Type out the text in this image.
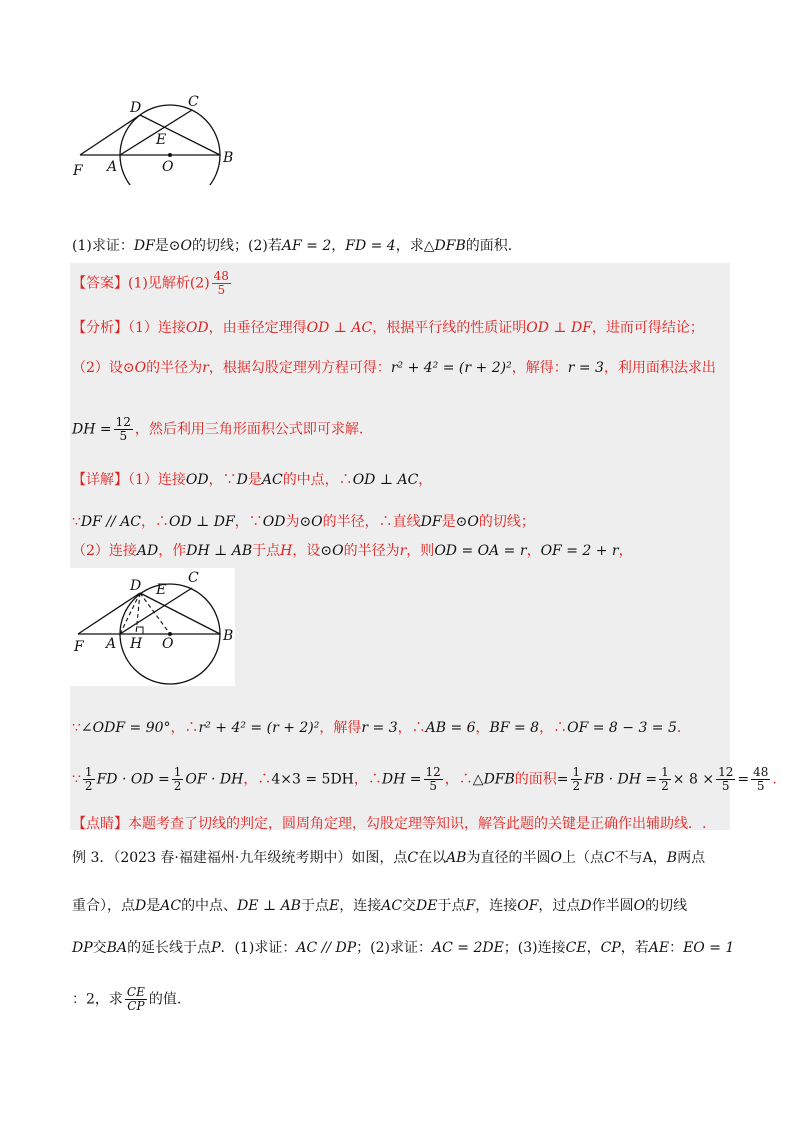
D	C
E
F A	O
B
(1)求证：DF是⊙O的切线；(2)若AF = 2，FD = 4，求△DFB的面积.
【答案】(1)见解析$(2) \frac{48}{5}$
【分析】（1）连接OD，由垂径定理得OD ⊥ AC，根据平行线的性质证明OD ⊥ DF，进而可得结论；
（2）设⊙O的半径为r，根据勾股定理列方程可得：r² + 4² = (r + 2)²，解得：r = 3，利用面积法求出
DH = $\frac{12}{5}$ ，然后利用三角形面积公式即可求解.
【详解】（1）连接OD，∵D是AC的中点，∴OD ⊥ AC，
∵DF // AC，∴OD ⊥ DF，∵OD为⊙O的半径，∴直线DF是⊙O的切线；
（2）连接AD，作DH ⊥ AB于点H，设⊙O的半径为r，则OD = OA = r，OF = 2 + r，
D	C
E
F A H O	B
∵∠ODF = 90°，∴r² + 4² = (r + 2)²，解得r = 3，∴AB = 6，BF = 8，∴OF = 8 − 3 = 5.
∵ $\frac{1}{2}$ FD · OD = $\frac{1}{2}$ OF · DH，∴4×3 = 5DH，∴DH = $\frac{12}{5}$ ，∴△DFB的面积= $\frac{1}{2}$ FB · DH = $\frac{1}{2} \times 8 \times \frac{12}{5} = \frac{48}{5}$ .
【点睛】本题考查了切线的判定，圆周角定理，勾股定理等知识，解答此题的关键是正确作出辅助线．.
例 3．（2023 春·福建福州·九年级统考期中）如图，点C在以AB为直径的半圆O上（点C不与A，B两点
重合），点D是AC的中点、DE ⊥ AB于点E，连接AC交DE于点F，连接OF，过点D作半圆O的切线
DP交BA的延长线于点P．(1)求证：AC // DP；(2)求证：AC = 2DE；(3)连接CE，CP，若AE：EO = 1
：2，求 $\frac{CE}{CP}$ 的值.
